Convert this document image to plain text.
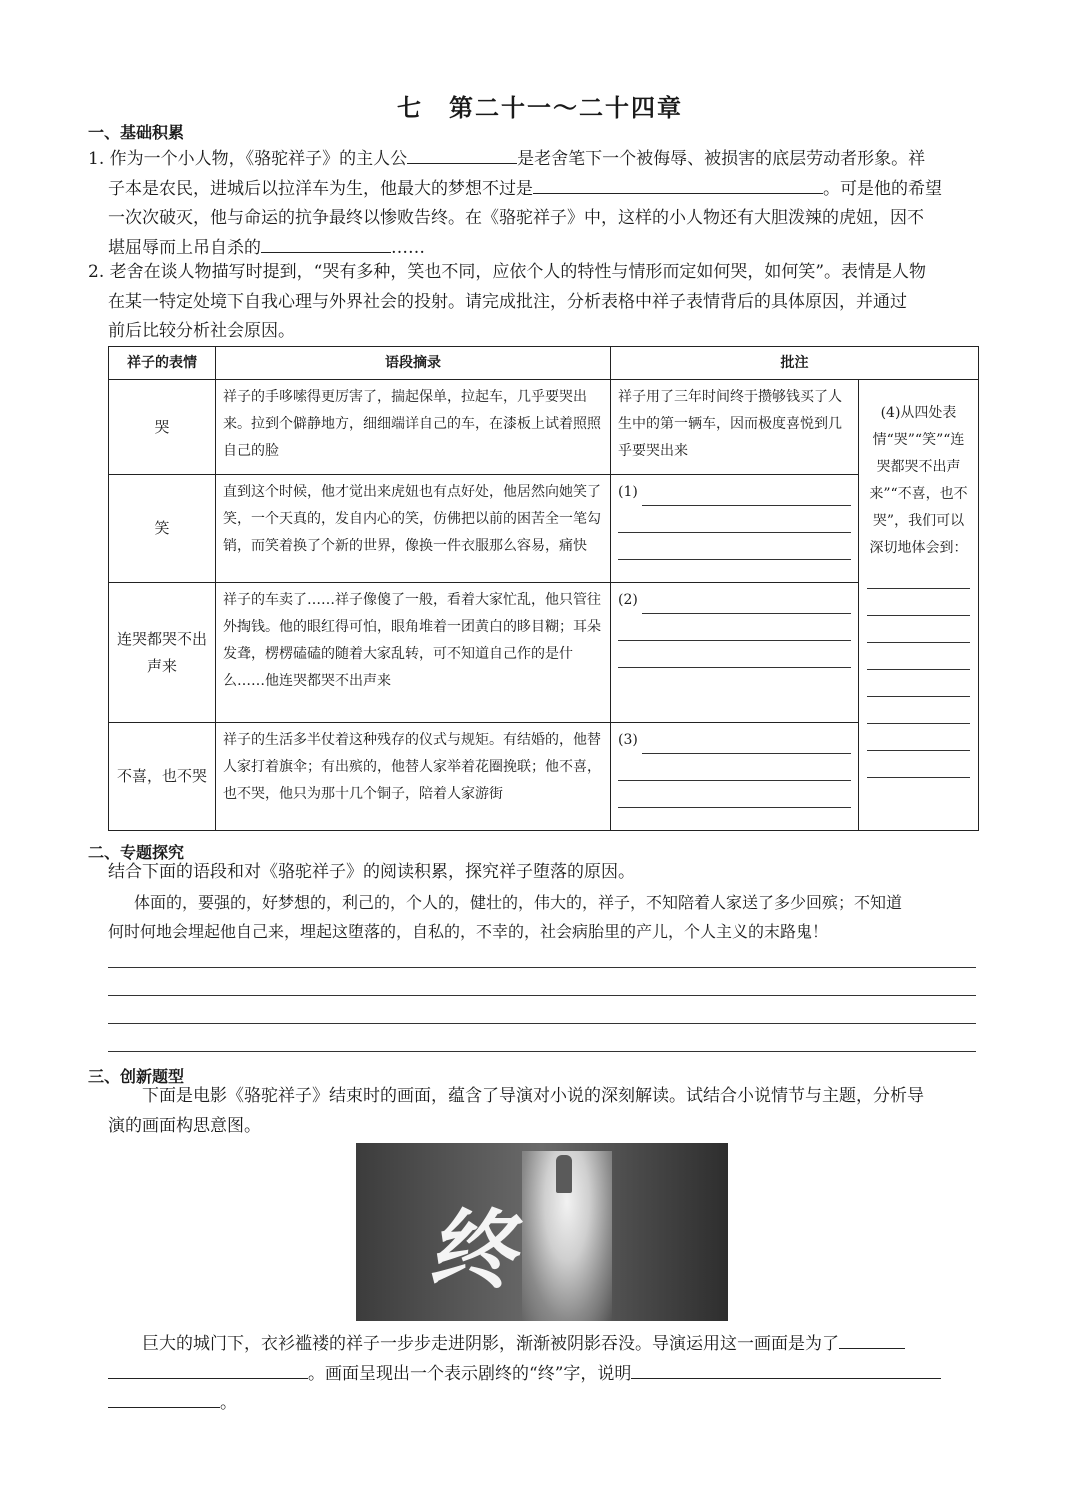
七　第二十一～二十四章
一、基础积累
1. 作为一个小人物，《骆驼祥子》的主人公	是老舍笔下一个被侮辱、被损害的底层劳动者形象。祥
子本是农民，进城后以拉洋车为生，他最大的梦想不过是	。可是他的希望
一次次破灭，他与命运的抗争最终以惨败告终。在《骆驼祥子》中，这样的小人物还有大胆泼辣的虎妞，因不
堪屈辱而上吊自杀的	……
2. 老舍在谈人物描写时提到，“哭有多种，笑也不同，应依个人的特性与情形而定如何哭，如何笑”。表情是人物
在某一特定处境下自我心理与外界社会的投射。请完成批注，分析表格中祥子表情背后的具体原因，并通过
前后比较分析社会原因。
祥子的表情	语段摘录	批注	
哭	祥子的手哆嗦得更厉害了，揣起保单，拉起车，几乎要哭出来。拉到个僻静地方，细细端详自己的车，在漆板上试着照照自己的脸	祥子用了三年时间终于攒够钱买了人生中的第一辆车，因而极度喜悦到几乎要哭出来	(4)从四处表情“哭”“笑”“连哭都哭不出声来”“不喜，也不哭”，我们可以深切地体会到：

笑	直到这个时候，他才觉出来虎妞也有点好处，他居然向她笑了笑，一个天真的，发自内心的笑，仿佛把以前的困苦全一笔勾销，而笑着换了个新的世界，像换一件衣服那么容易，痛快	(1)	

连哭都哭不出声来	祥子的车卖了……祥子像傻了一般，看着大家忙乱，他只管往外掏钱。他的眼红得可怕，眼角堆着一团黄白的眵目糊；耳朵发聋，楞楞磕磕的随着大家乱转，可不知道自己作的是什么……他连哭都哭不出声来	(2)	

不喜，也不哭	祥子的生活多半仗着这种残存的仪式与规矩。有结婚的，他替人家打着旗伞；有出殡的，他替人家举着花圈挽联；他不喜，也不哭，他只为那十几个铜子，陪着人家游街	(3)	
二、专题探究
结合下面的语段和对《骆驼祥子》的阅读积累，探究祥子堕落的原因。
体面的，要强的，好梦想的，利己的，个人的，健壮的，伟大的，祥子，不知陪着人家送了多少回殡；不知道
何时何地会埋起他自己来，埋起这堕落的，自私的，不幸的，社会病胎里的产儿，个人主义的末路鬼！
三、创新题型
下面是电影《骆驼祥子》结束时的画面，蕴含了导演对小说的深刻解读。试结合小说情节与主题，分析导
演的画面构思意图。
终
巨大的城门下，衣衫褴褛的祥子一步步走进阴影，渐渐被阴影吞没。导演运用这一画面是为了
。画面呈现出一个表示剧终的“终”字，说明
。
